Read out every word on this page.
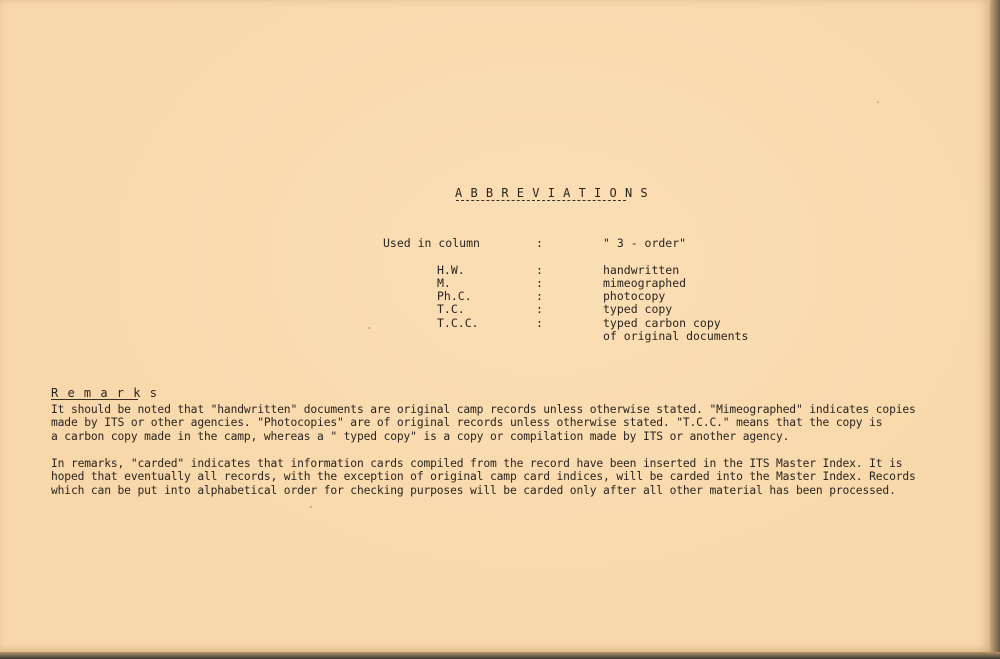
A B B R E V I A T I O N S
Used in column	:	" 3 - order"
H.W.	:	handwritten
M.	:	mimeographed
Ph.C.	:	photocopy
T.C.	:	typed copy
T.C.C.	:	typed carbon copy
of original documents
R e m a r k s
It should be noted that "handwritten" documents are original camp records unless otherwise stated. "Mimeographed" indicates copies
made by ITS or other agencies. "Photocopies" are of original records unless otherwise stated. "T.C.C." means that the copy is
a carbon copy made in the camp, whereas a " typed copy" is a copy or compilation made by ITS or another agency.
In remarks, "carded" indicates that information cards compiled from the record have been inserted in the ITS Master Index. It is
hoped that eventually all records, with the exception of original camp card indices, will be carded into the Master Index. Records
which can be put into alphabetical order for checking purposes will be carded only after all other material has been processed.
